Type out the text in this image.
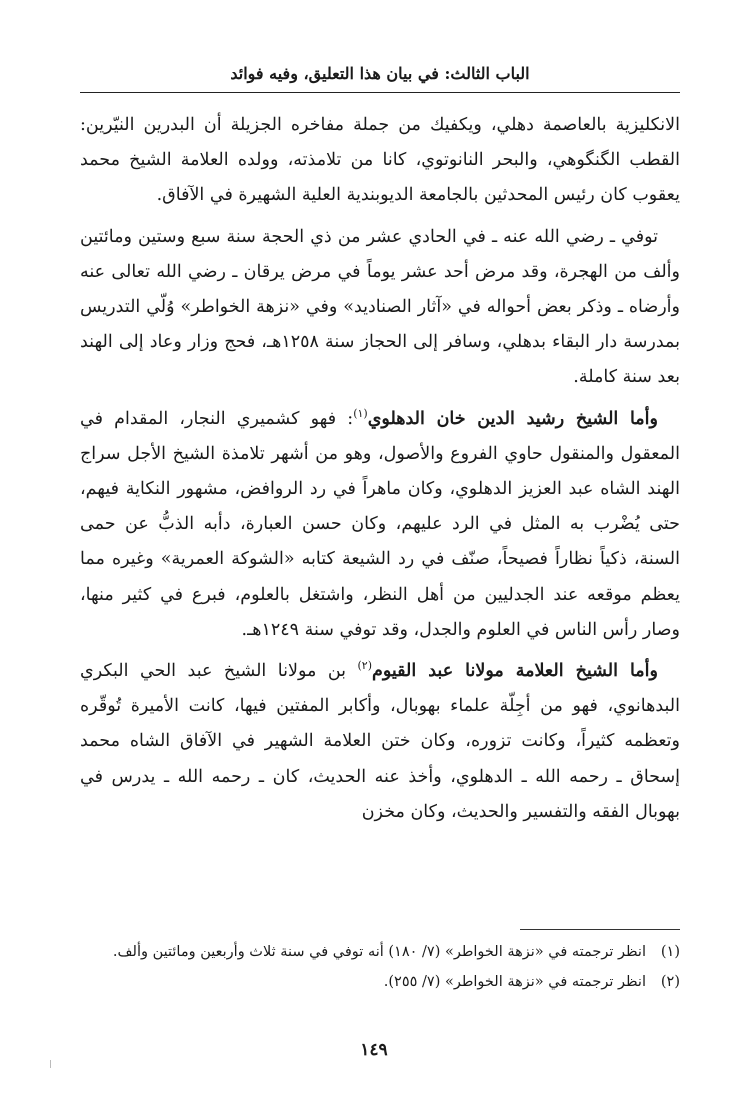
الباب الثالث: في بيان هذا التعليق، وفيه فوائد

الانكليزية بالعاصمة دهلي، ويكفيك من جملة مفاخره الجزيلة أن البدرين النيّرين: القطب الگنگوهي، والبحر النانوتوي، كانا من تلامذته، وولده العلامة الشيخ محمد يعقوب كان رئيس المحدثين بالجامعة الديوبندية العلية الشهيرة في الآفاق.

توفي ـ رضي الله عنه ـ في الحادي عشر من ذي الحجة سنة سبع وستين ومائتين وألف من الهجرة، وقد مرض أحد عشر يوماً في مرض يرقان ـ رضي الله تعالى عنه وأرضاه ـ وذكر بعض أحواله في «آثار الصناديد» وفي «نزهة الخواطر» وُلّي التدريس بمدرسة دار البقاء بدهلي، وسافر إلى الحجاز سنة ١٢٥٨هـ، فحج وزار وعاد إلى الهند بعد سنة كاملة.

وأما الشيخ رشيد الدين خان الدهلوي$^{(١)}$: فهو كشميري النجار، المقدام في المعقول والمنقول حاوي الفروع والأصول، وهو من أشهر تلامذة الشيخ الأجل سراج الهند الشاه عبد العزيز الدهلوي، وكان ماهراً في رد الروافض، مشهور النكاية فيهم، حتى يُضْرب به المثل في الرد عليهم، وكان حسن العبارة، دأبه الذبُّ عن حمى السنة، ذكياً نظاراً فصيحاً، صنّف في رد الشيعة كتابه «الشوكة العمرية» وغيره مما يعظم موقعه عند الجدليين من أهل النظر، واشتغل بالعلوم، فبرع في كثير منها، وصار رأس الناس في العلوم والجدل، وقد توفي سنة ١٢٤٩هـ.

وأما الشيخ العلامة مولانا عبد القيوم$^{(٢)}$ بن مولانا الشيخ عبد الحي البكري البدهانوي، فهو من أجِلّة علماء بهوبال، وأكابر المفتين فيها، كانت الأميرة تُوقّره وتعظمه كثيراً، وكانت تزوره، وكان ختن العلامة الشهير في الآفاق الشاه محمد إسحاق ـ رحمه الله ـ الدهلوي، وأخذ عنه الحديث، كان ـ رحمه الله ـ يدرس في بهوبال الفقه والتفسير والحديث، وكان مخزن

(١)
انظر ترجمته في «نزهة الخواطر» (٧/ ١٨٠) أنه توفي في سنة ثلاث وأربعين ومائتين وألف.
(٢)
انظر ترجمته في «نزهة الخواطر» (٧/ ٢٥٥).
١٤٩
